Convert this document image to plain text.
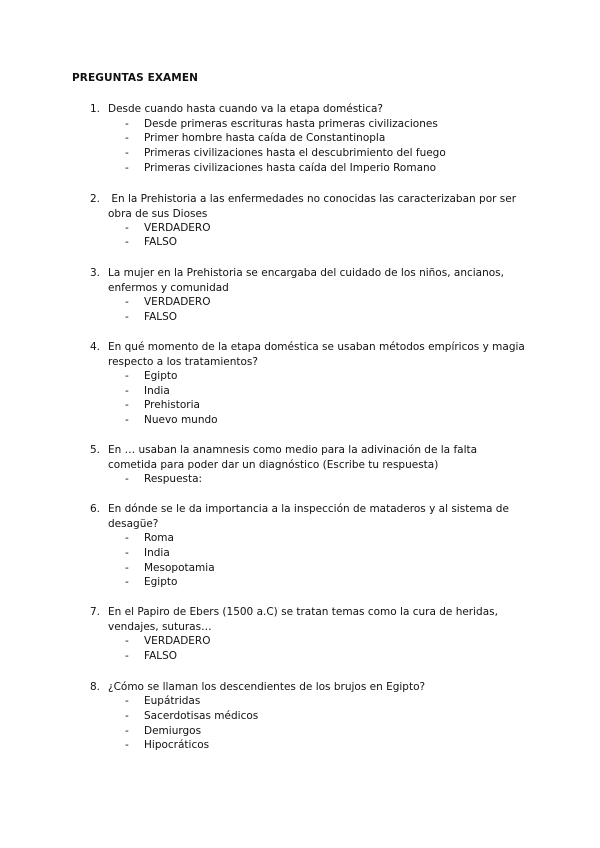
PREGUNTAS EXAMEN
1. Desde cuando hasta cuando va la etapa doméstica?
- Desde primeras escrituras hasta primeras civilizaciones
- Primer hombre hasta caída de Constantinopla
- Primeras civilizaciones hasta el descubrimiento del fuego
- Primeras civilizaciones hasta caída del Imperio Romano
2. En la Prehistoria a las enfermedades no conocidas las caracterizaban por ser obra de sus Dioses
- VERDADERO
- FALSO
3. La mujer en la Prehistoria se encargaba del cuidado de los niños, ancianos, enfermos y comunidad
- VERDADERO
- FALSO
4. En qué momento de la etapa doméstica se usaban métodos empíricos y magia respecto a los tratamientos?
- Egipto
- India
- Prehistoria
- Nuevo mundo
5. En … usaban la anamnesis como medio para la adivinación de la falta cometida para poder dar un diagnóstico (Escribe tu respuesta)
- Respuesta:
6. En dónde se le da importancia a la inspección de mataderos y al sistema de desagüe?
- Roma
- India
- Mesopotamia
- Egipto
7. En el Papiro de Ebers (1500 a.C) se tratan temas como la cura de heridas, vendajes, suturas…
- VERDADERO
- FALSO
8. ¿Cómo se llaman los descendientes de los brujos en Egipto?
- Eupátridas
- Sacerdotisas médicos
- Demiurgos
- Hipocráticos
